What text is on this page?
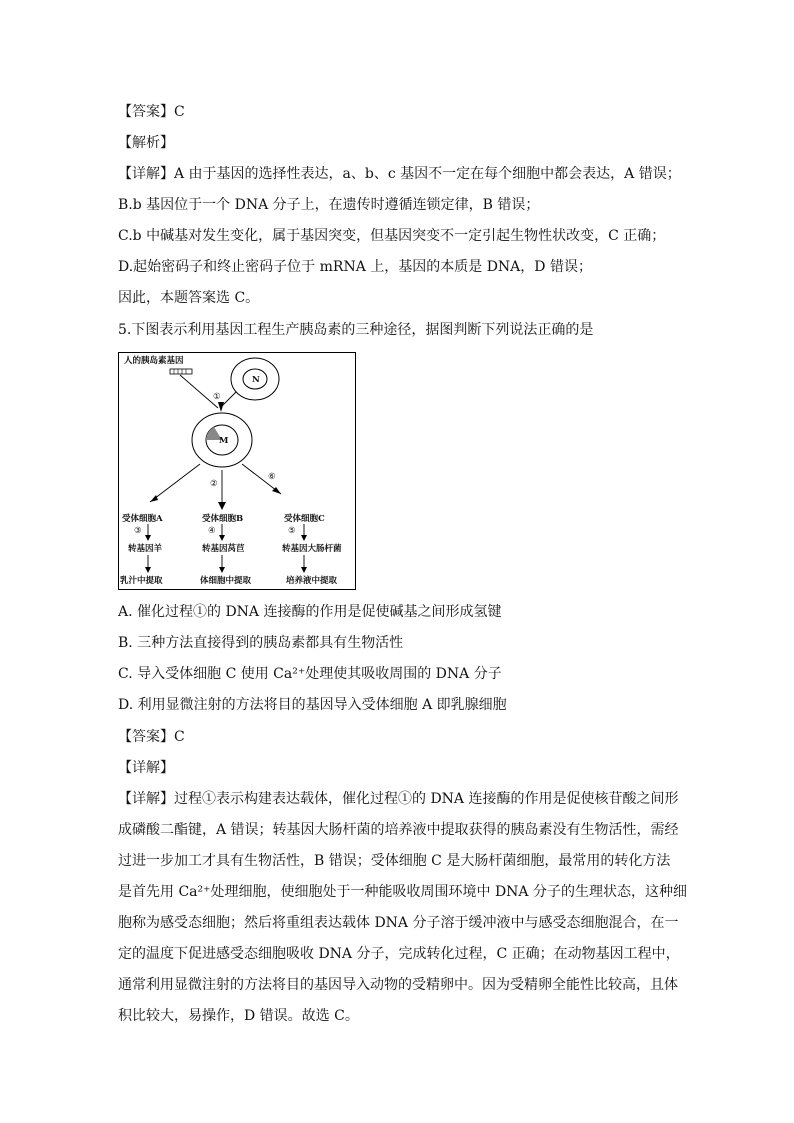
【答案】C
【解析】
【详解】A 由于基因的选择性表达，a、b、c 基因不一定在每个细胞中都会表达，A 错误；
B.b 基因位于一个 DNA 分子上，在遗传时遵循连锁定律，B 错误；
C.b 中碱基对发生变化，属于基因突变，但基因突变不一定引起生物性状改变，C 正确；
D.起始密码子和终止密码子位于 mRNA 上，基因的本质是 DNA，D 错误；
因此，本题答案选 C。
5.下图表示利用基因工程生产胰岛素的三种途径，据图判断下列说法正确的是
人的胰岛素基因
N
①
M
②
⑥
受体细胞A
③
转基因羊
乳汁中提取
受体细胞B
④
转基因莴苣
体细胞中提取
受体细胞C
⑤
转基因大肠杆菌
培养液中提取
A. 催化过程①的 DNA 连接酶的作用是促使碱基之间形成氢键
B. 三种方法直接得到的胰岛素都具有生物活性
C. 导入受体细胞 C 使用 Ca²⁺处理使其吸收周围的 DNA 分子
D. 利用显微注射的方法将目的基因导入受体细胞 A 即乳腺细胞
【答案】C
【详解】
【详解】过程①表示构建表达载体，催化过程①的 DNA 连接酶的作用是促使核苷酸之间形
成磷酸二酯键，A 错误；转基因大肠杆菌的培养液中提取获得的胰岛素没有生物活性，需经
过进一步加工才具有生物活性，B 错误；受体细胞 C 是大肠杆菌细胞，最常用的转化方法
是首先用 Ca²⁺处理细胞，使细胞处于一种能吸收周围环境中 DNA 分子的生理状态，这种细
胞称为感受态细胞；然后将重组表达载体 DNA 分子溶于缓冲液中与感受态细胞混合，在一
定的温度下促进感受态细胞吸收 DNA 分子，完成转化过程，C 正确；在动物基因工程中，
通常利用显微注射的方法将目的基因导入动物的受精卵中。因为受精卵全能性比较高，且体
积比较大，易操作，D 错误。故选 C。
